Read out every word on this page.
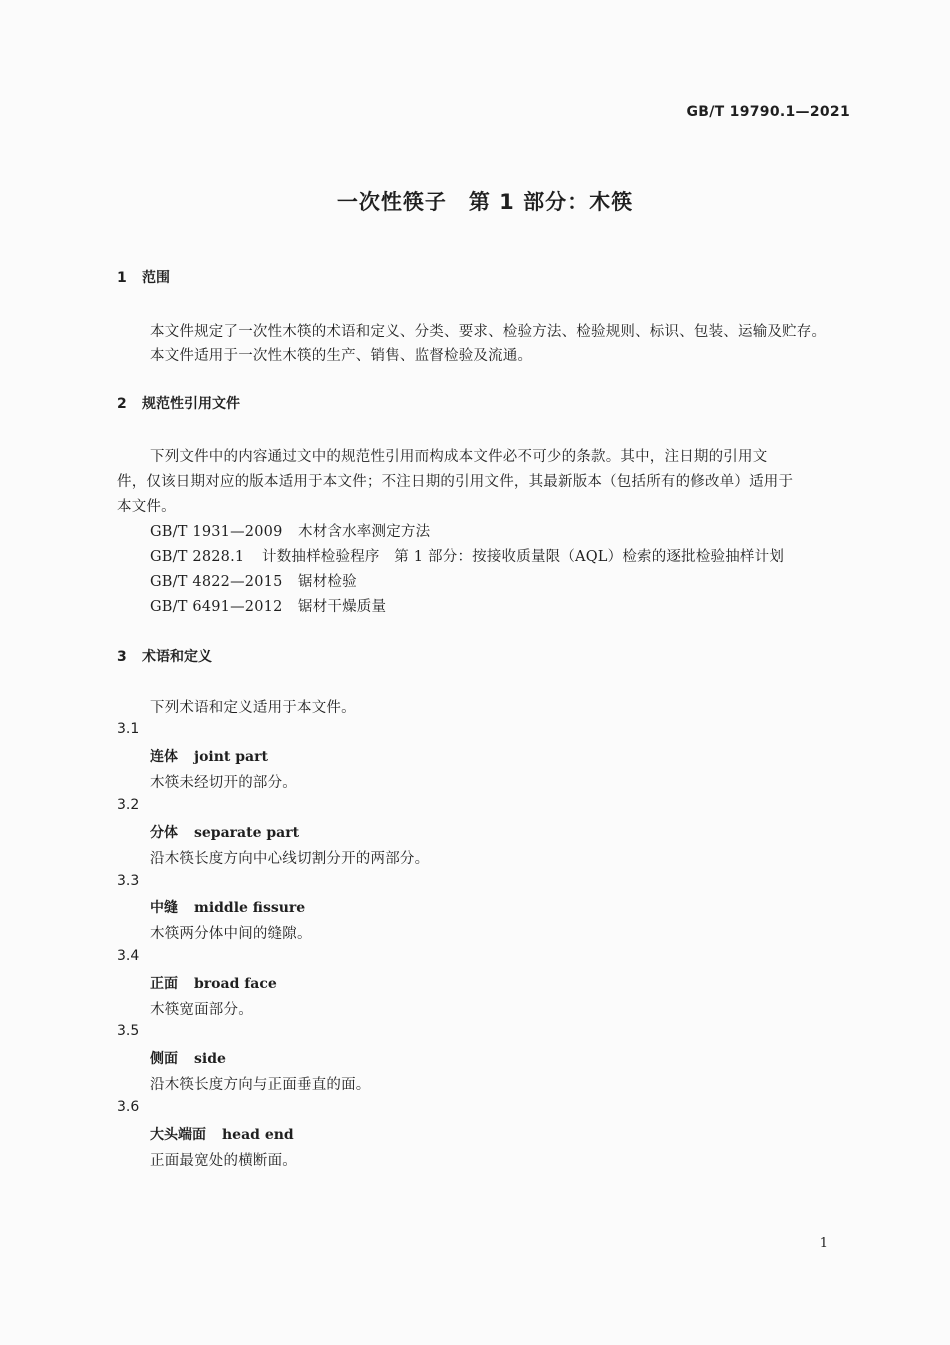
GB/T 19790.1—2021
一次性筷子　第 1 部分：木筷
1 范围
本文件规定了一次性木筷的术语和定义、分类、要求、检验方法、检验规则、标识、包装、运输及贮存。
本文件适用于一次性木筷的生产、销售、监督检验及流通。
2 规范性引用文件
下列文件中的内容通过文中的规范性引用而构成本文件必不可少的条款。其中，注日期的引用文
件，仅该日期对应的版本适用于本文件；不注日期的引用文件，其最新版本（包括所有的修改单）适用于
本文件。
GB/T 1931—2009 木材含水率测定方法
GB/T 2828.1 计数抽样检验程序　第 1 部分：按接收质量限（AQL）检索的逐批检验抽样计划
GB/T 4822—2015 锯材检验
GB/T 6491—2012 锯材干燥质量
3 术语和定义
下列术语和定义适用于本文件。
3.1
连体 joint part
木筷未经切开的部分。
3.2
分体 separate part
沿木筷长度方向中心线切割分开的两部分。
3.3
中缝 middle fissure
木筷两分体中间的缝隙。
3.4
正面 broad face
木筷宽面部分。
3.5
侧面 side
沿木筷长度方向与正面垂直的面。
3.6
大头端面 head end
正面最宽处的横断面。
1
